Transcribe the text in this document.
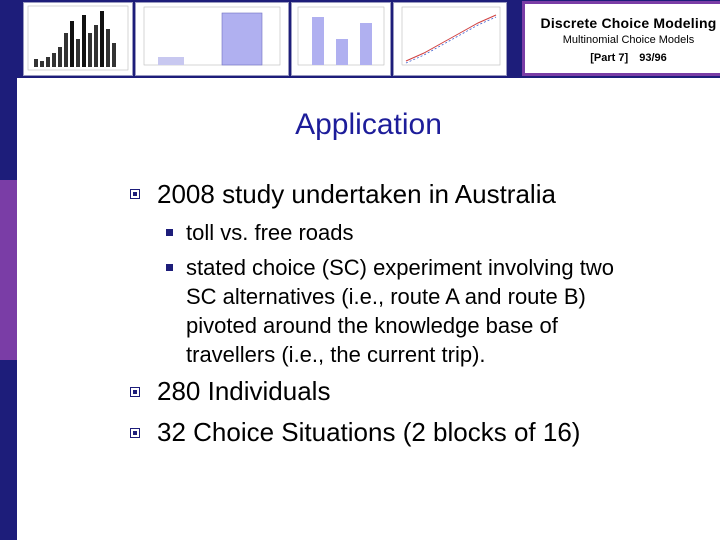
Discrete Choice Modeling
Multinomial Choice Models
[Part 7] 93/96
Application
2008 study undertaken in Australia
toll vs. free roads
stated choice (SC) experiment involving two
SC alternatives (i.e., route A and route B)
pivoted around the knowledge base of
travellers (i.e., the current trip).
280 Individuals
32 Choice Situations (2 blocks of 16)
